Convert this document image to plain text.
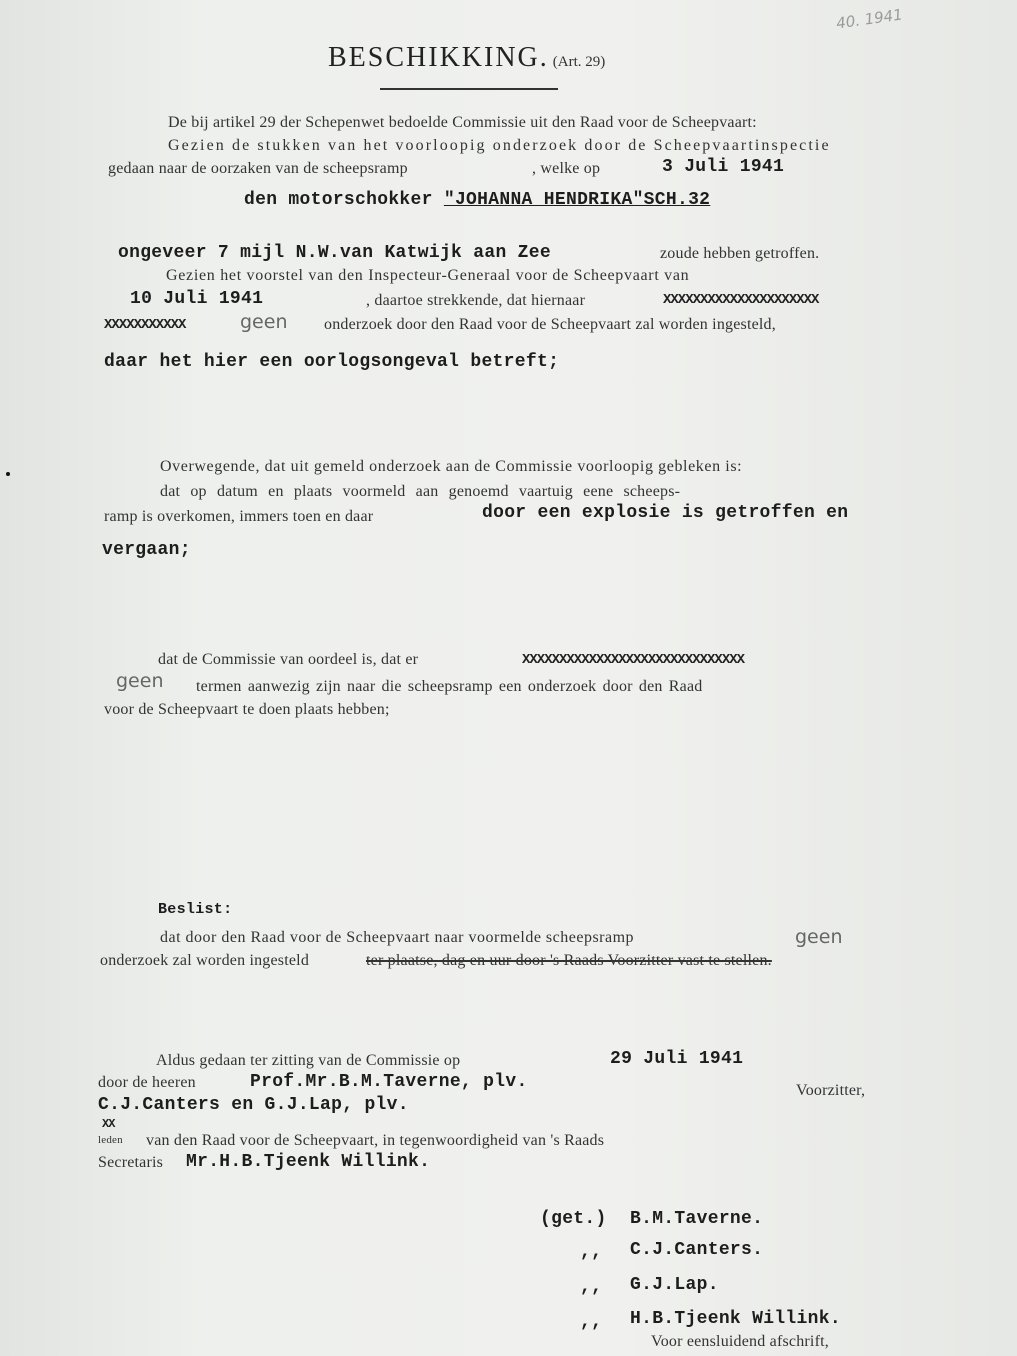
40. 1941
BESCHIKKING. (Art. 29)
De bij artikel 29 der Schepenwet bedoelde Commissie uit den Raad voor de Scheepvaart:
Gezien de stukken van het voorloopig onderzoek door de Scheepvaartinspectie
gedaan naar de oorzaken van de scheepsramp	, welke op	3 Juli 1941
den motorschokker "JOHANNA HENDRIKA"SCH.32
ongeveer 7 mijl N.W.van Katwijk aan Zee	zoude hebben getroffen.
Gezien het voorstel van den Inspecteur-Generaal voor de Scheepvaart van
10 Juli 1941	, daartoe strekkende, dat hiernaar	XXXXXXXXXXXXXXXXXXXXX
XXXXXXXXXXX	geen onderzoek door den Raad voor de Scheepvaart zal worden ingesteld,
daar het hier een oorlogsongeval betreft;
Overwegende, dat uit gemeld onderzoek aan de Commissie voorloopig gebleken is:
dat op datum en plaats voormeld aan genoemd vaartuig eene scheeps-
ramp is overkomen, immers toen en daar	door een explosie is getroffen en
vergaan;
dat de Commissie van oordeel is, dat er	XXXXXXXXXXXXXXXXXXXXXXXXXXXXXX
geen termen aanwezig zijn naar die scheepsramp een onderzoek door den Raad
voor de Scheepvaart te doen plaats hebben;
Beslist:
dat door den Raad voor de Scheepvaart naar voormelde scheepsramp	geen
onderzoek zal worden ingesteld	ter plaatse, dag en uur door 's Raads Voorzitter vast te stellen.
Aldus gedaan ter zitting van de Commissie op	29 Juli 1941
door de heeren	Prof.Mr.B.M.Taverne, plv.	Voorzitter,
C.J.Canters en G.J.Lap, plv.
XX
leden van den Raad voor de Scheepvaart, in tegenwoordigheid van 's Raads
Secretaris Mr.H.B.Tjeenk Willink.
(get.) B.M.Taverne.
,, C.J.Canters.
,, G.J.Lap.
,, H.B.Tjeenk Willink.
Voor eensluidend afschrift,
